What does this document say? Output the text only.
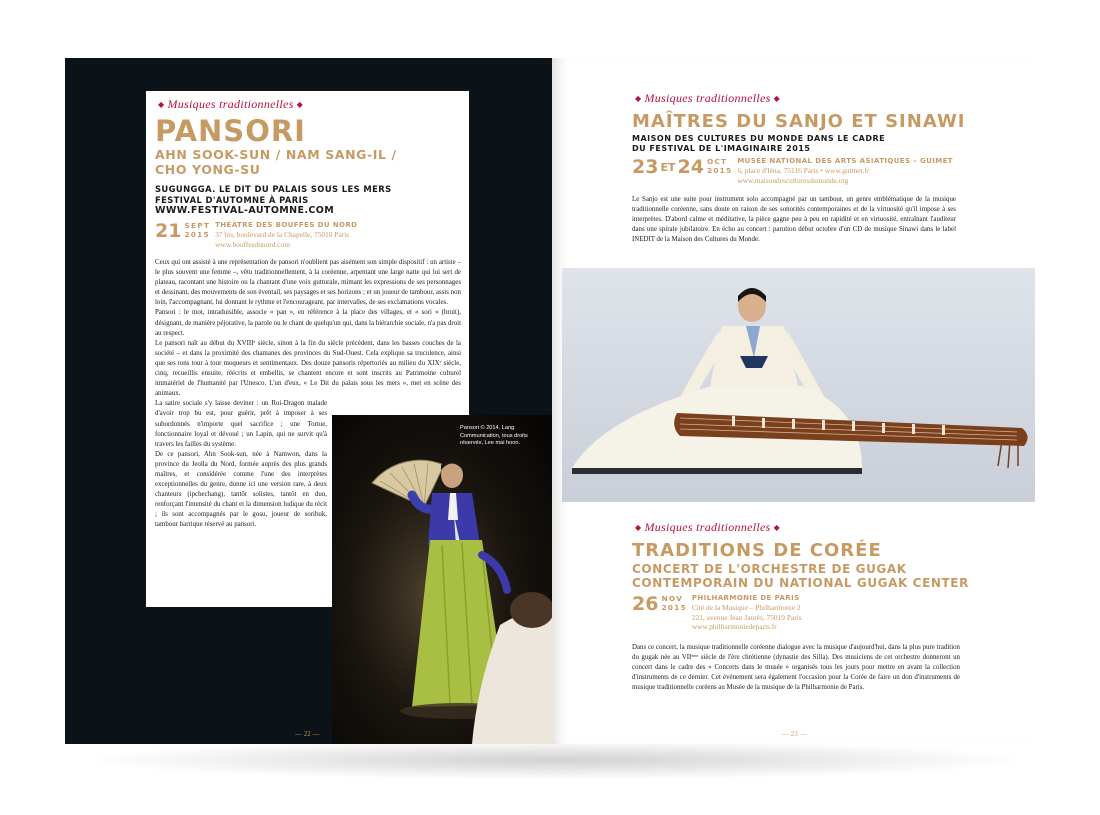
◆ Musiques traditionnelles ◆
PANSORI
AHN SOOK-SUN / NAM SANG-IL /
CHO YONG-SU
SUGUNGGA. LE DIT DU PALAIS SOUS LES MERS
FESTIVAL D'AUTOMNE À PARIS
WWW.FESTIVAL-AUTOMNE.COM
21 SEPT
2015
THÉÂTRE DES BOUFFES DU NORD
37 bis, boulevard de la Chapelle, 75010 Paris
www.bouffesdunord.com

Ceux qui ont assisté à une représentation de pansori n'oublient pas aisément son simple dispositif : un artiste – le plus souvent une femme –, vêtu traditionnellement, à la coréenne, arpentant une large natte qui lui sert de plateau, racontant une histoire ou la chantant d'une voix gutturale, mimant les expressions de ses personnages et dessinant, des mouvements de son éventail, ses paysages et ses horizons ; et un joueur de tambour, assis non loin, l'accompagnant, lui donnant le rythme et l'encourageant, par intervalles, de ses exclamations vocales.

Pansori : le mot, intraduisible, associe « pan », en référence à la place des villages, et « sori » (bruit), désignant, de manière péjorative, la parole ou le chant de quelqu'un qui, dans la hiérarchie sociale, n'a pas droit au respect.

Le pansori naît au début du XVIIIᵉ siècle, sinon à la fin du siècle précédent, dans les basses couches de la société – et dans la proximité des chamanes des provinces du Sud-Ouest. Cela explique sa truculence, ainsi que ses tons tour à tour moqueurs et sentimentaux. Des douze pansoris répertoriés au milieu du XIXᵉ siècle, cinq, recueillis ensuite, réécrits et embellis, se chantent encore et sont inscrits au Patrimoine culturel immatériel de l'humanité par l'Unesco. L'un d'eux, « Le Dit du palais sous les mers », met en scène des animaux.

La satire sociale s'y laisse deviner : un Roi-Dragon malade d'avoir trop bu est, pour guérir, prêt à imposer à ses subordonnés n'importe quel sacrifice ; une Tortue, fonctionnaire loyal et dévoué ; un Lapin, qui ne survit qu'à travers les failles du système.

De ce pansori, Ahn Sook-sun, née à Namwon, dans la province du Jeolla du Nord, formée auprès des plus grands maîtres, et considérée comme l'une des interprètes exceptionnelles du genre, donne ici une version rare, à deux chanteurs (ipchechang), tantôt solistes, tantôt en duo, renforçant l'intensité du chant et la dimension ludique du récit ; ils sont accompagnés par le gosu, joueur de soribuk, tambour barrique réservé au pansori.

Pansori © 2014. Lang Communication, tous droits réservés, Lee mai hoon.
— 22 —
◆ Musiques traditionnelles ◆
MAÎTRES DU SANJO ET SINAWI
MAISON DES CULTURES DU MONDE DANS LE CADRE
DU FESTIVAL DE L'IMAGINAIRE 2015
23 ET 24 OCT
2015
MUSÉE NATIONAL DES ARTS ASIATIQUES – GUIMET
6, place d'Iéna, 75116 Paris • www.guimet.fr
www.maisondesculturesdumonde.org
Le Sanjo est une suite pour instrument solo accompagné par un tambour, un genre emblématique de la musique traditionnelle coréenne, sans doute en raison de ses sonorités contemporaines et de la virtuosité qu'il impose à ses interprètes. D'abord calme et méditative, la pièce gagne peu à peu en rapidité et en virtuosité, entraînant l'auditeur dans une spirale jubilatoire. En écho au concert : parution début octobre d'un CD de musique Sinawi dans le label INEDIT de la Maison des Cultures du Monde.
◆ Musiques traditionnelles ◆
TRADITIONS DE CORÉE
CONCERT DE L'ORCHESTRE DE GUGAK
CONTEMPORAIN DU NATIONAL GUGAK CENTER
26 NOV
2015
PHILHARMONIE DE PARIS
Cité de la Musique – Philharmonie 2
221, avenue Jean Jaurès, 75019 Paris
www.philharmoniedeparis.fr
Dans ce concert, la musique traditionnelle coréenne dialogue avec la musique d'aujourd'hui, dans la plus pure tradition du gugak née au VIIᵉᵐᵉ siècle de l'ère chrétienne (dynastie des Silla). Des musiciens de cet orchestre donneront un concert dans le cadre des « Concerts dans le musée » organisés tous les jours pour mettre en avant la collection d'instruments de ce dernier. Cet événement sera également l'occasion pour la Corée de faire un don d'instruments de musique traditionnelle coréens au Musée de la musique de la Philharmonie de Paris.
— 23 —
